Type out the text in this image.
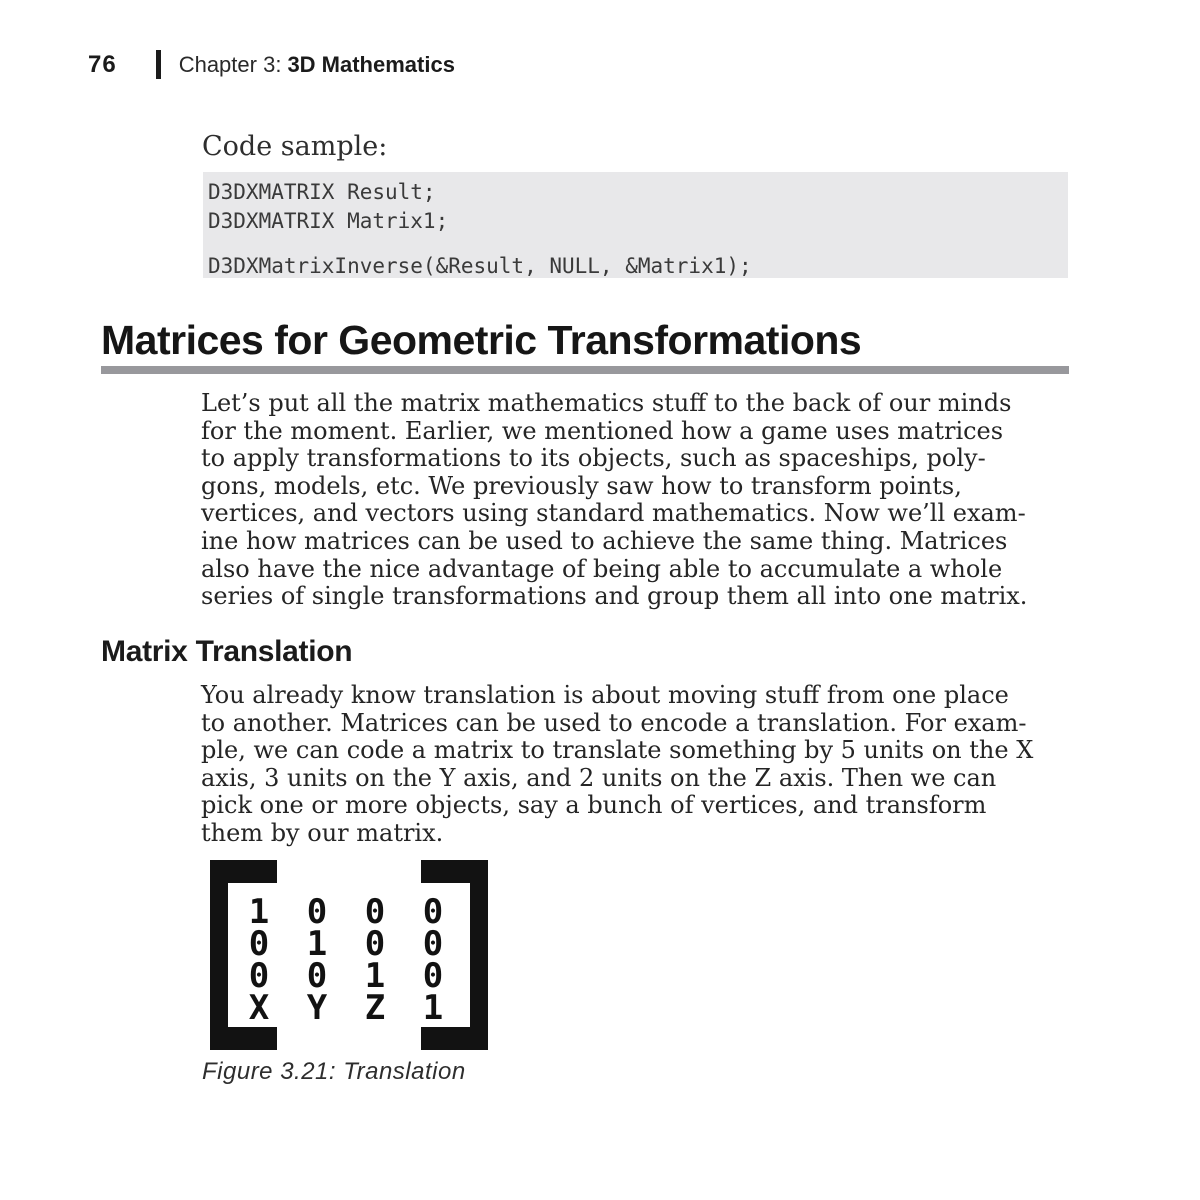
76	Chapter 3: 3D Mathematics
Code sample:
D3DXMATRIX Result;
D3DXMATRIX Matrix1;
D3DXMatrixInverse(&Result, NULL, &Matrix1);
Matrices for Geometric Transformations
Let’s put all the matrix mathematics stuff to the back of our minds
for the moment. Earlier, we mentioned how a game uses matrices
to apply transformations to its objects, such as spaceships, poly-
gons, models, etc. We previously saw how to transform points,
vertices, and vectors using standard mathematics. Now we’ll exam-
ine how matrices can be used to achieve the same thing. Matrices
also have the nice advantage of being able to accumulate a whole
series of single transformations and group them all into one matrix.
Matrix Translation
You already know translation is about moving stuff from one place
to another. Matrices can be used to encode a translation. For exam-
ple, we can code a matrix to translate something by 5 units on the X
axis, 3 units on the Y axis, and 2 units on the Z axis. Then we can
pick one or more objects, say a bunch of vertices, and transform
them by our matrix.
1	0	0	0
0	1	0	0
0	0	1	0
X	Y	Z	1
Figure 3.21: Translation
